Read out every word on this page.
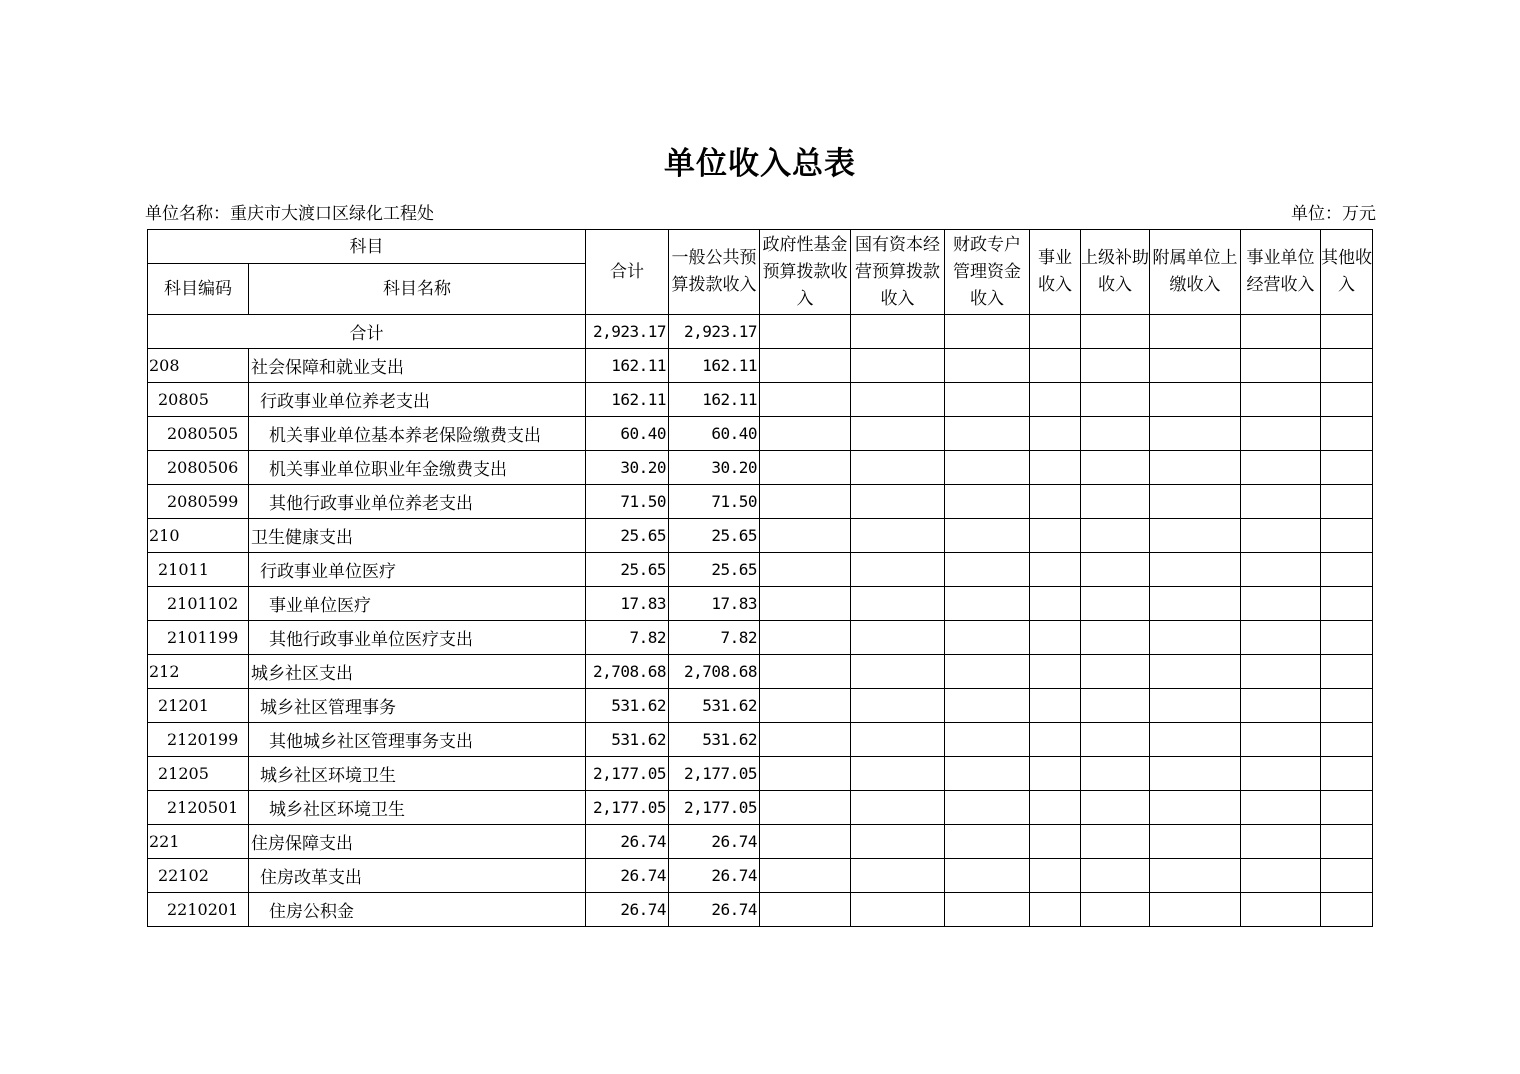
单位收入总表
单位名称：重庆市大渡口区绿化工程处	单位：万元
科目		合计	一般公共预算拨款收入	政府性基金预算拨款收入	国有资本经营预算拨款收入	财政专户管理资金收入	事业收入	上级补助收入	附属单位上缴收入	事业单位经营收入	其他收入
科目编码	科目名称										
合计		2,923.17	2,923.17								
208	社会保障和就业支出	162.11	162.11								
20805	行政事业单位养老支出	162.11	162.11								
2080505	机关事业单位基本养老保险缴费支出	60.40	60.40								
2080506	机关事业单位职业年金缴费支出	30.20	30.20								
2080599	其他行政事业单位养老支出	71.50	71.50								
210	卫生健康支出	25.65	25.65								
21011	行政事业单位医疗	25.65	25.65								
2101102	事业单位医疗	17.83	17.83								
2101199	其他行政事业单位医疗支出	7.82	7.82								
212	城乡社区支出	2,708.68	2,708.68								
21201	城乡社区管理事务	531.62	531.62								
2120199	其他城乡社区管理事务支出	531.62	531.62								
21205	城乡社区环境卫生	2,177.05	2,177.05								
2120501	城乡社区环境卫生	2,177.05	2,177.05								
221	住房保障支出	26.74	26.74								
22102	住房改革支出	26.74	26.74								
2210201	住房公积金	26.74	26.74								
